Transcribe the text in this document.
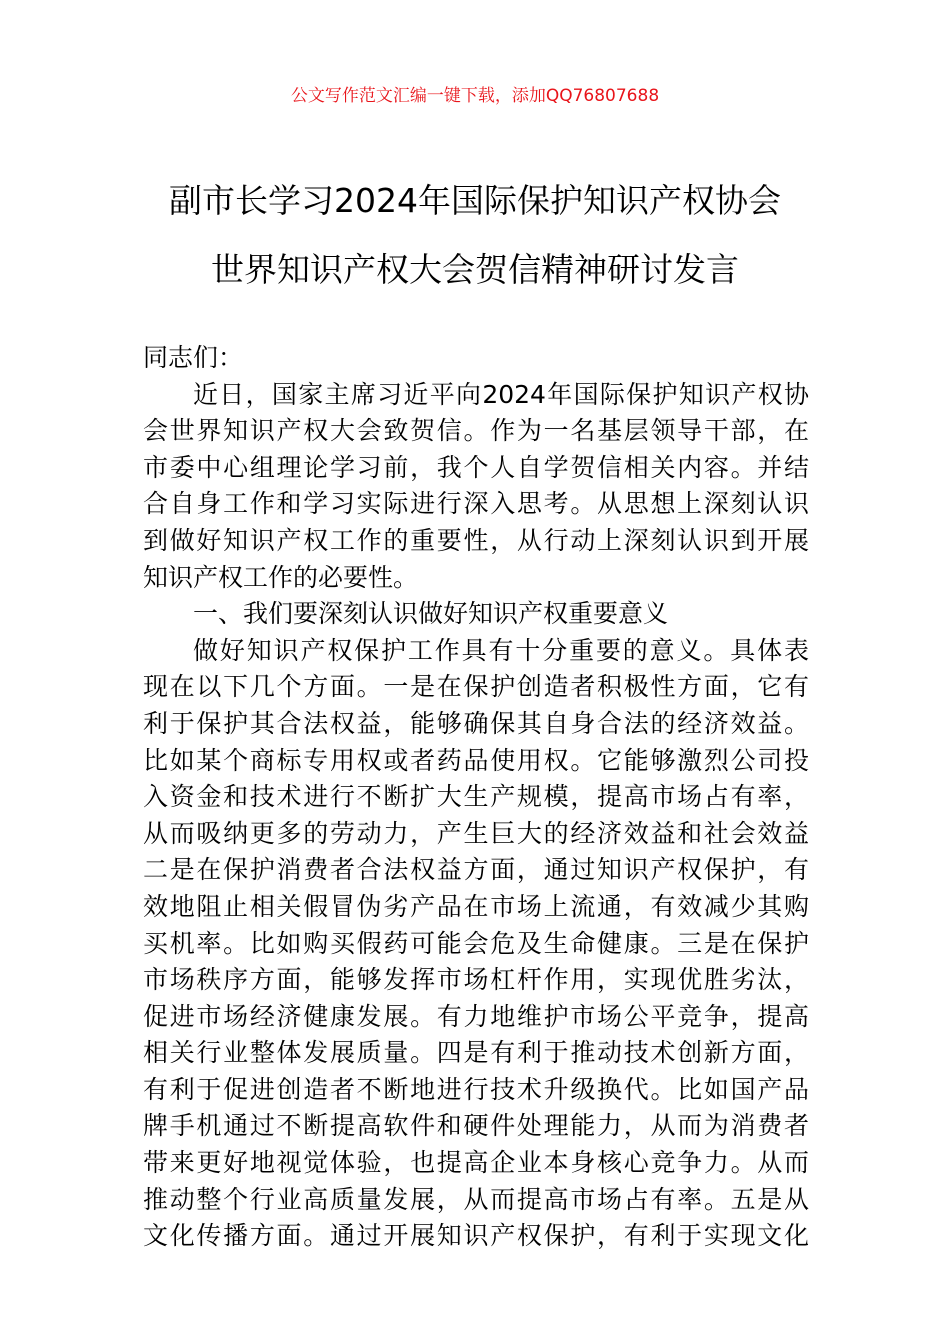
公文写作范文汇编一键下载，添加QQ76807688
副市长学习2024年国际保护知识产权协会
世界知识产权大会贺信精神研讨发言
同志们：
近日，国家主席习近平向2024年国际保护知识产权协
会世界知识产权大会致贺信。作为一名基层领导干部，在
市委中心组理论学习前，我个人自学贺信相关内容。并结
合自身工作和学习实际进行深入思考。从思想上深刻认识
到做好知识产权工作的重要性，从行动上深刻认识到开展
知识产权工作的必要性。
一、我们要深刻认识做好知识产权重要意义
做好知识产权保护工作具有十分重要的意义。具体表
现在以下几个方面。一是在保护创造者积极性方面，它有
利于保护其合法权益，能够确保其自身合法的经济效益。
比如某个商标专用权或者药品使用权。它能够激烈公司投
入资金和技术进行不断扩大生产规模，提高市场占有率，
从而吸纳更多的劳动力，产生巨大的经济效益和社会效益
二是在保护消费者合法权益方面，通过知识产权保护，有
效地阻止相关假冒伪劣产品在市场上流通，有效减少其购
买机率。比如购买假药可能会危及生命健康。三是在保护
市场秩序方面，能够发挥市场杠杆作用，实现优胜劣汰，
促进市场经济健康发展。有力地维护市场公平竞争，提高
相关行业整体发展质量。四是有利于推动技术创新方面，
有利于促进创造者不断地进行技术升级换代。比如国产品
牌手机通过不断提高软件和硬件处理能力，从而为消费者
带来更好地视觉体验，也提高企业本身核心竞争力。从而
推动整个行业高质量发展，从而提高市场占有率。五是从
文化传播方面。通过开展知识产权保护，有利于实现文化
